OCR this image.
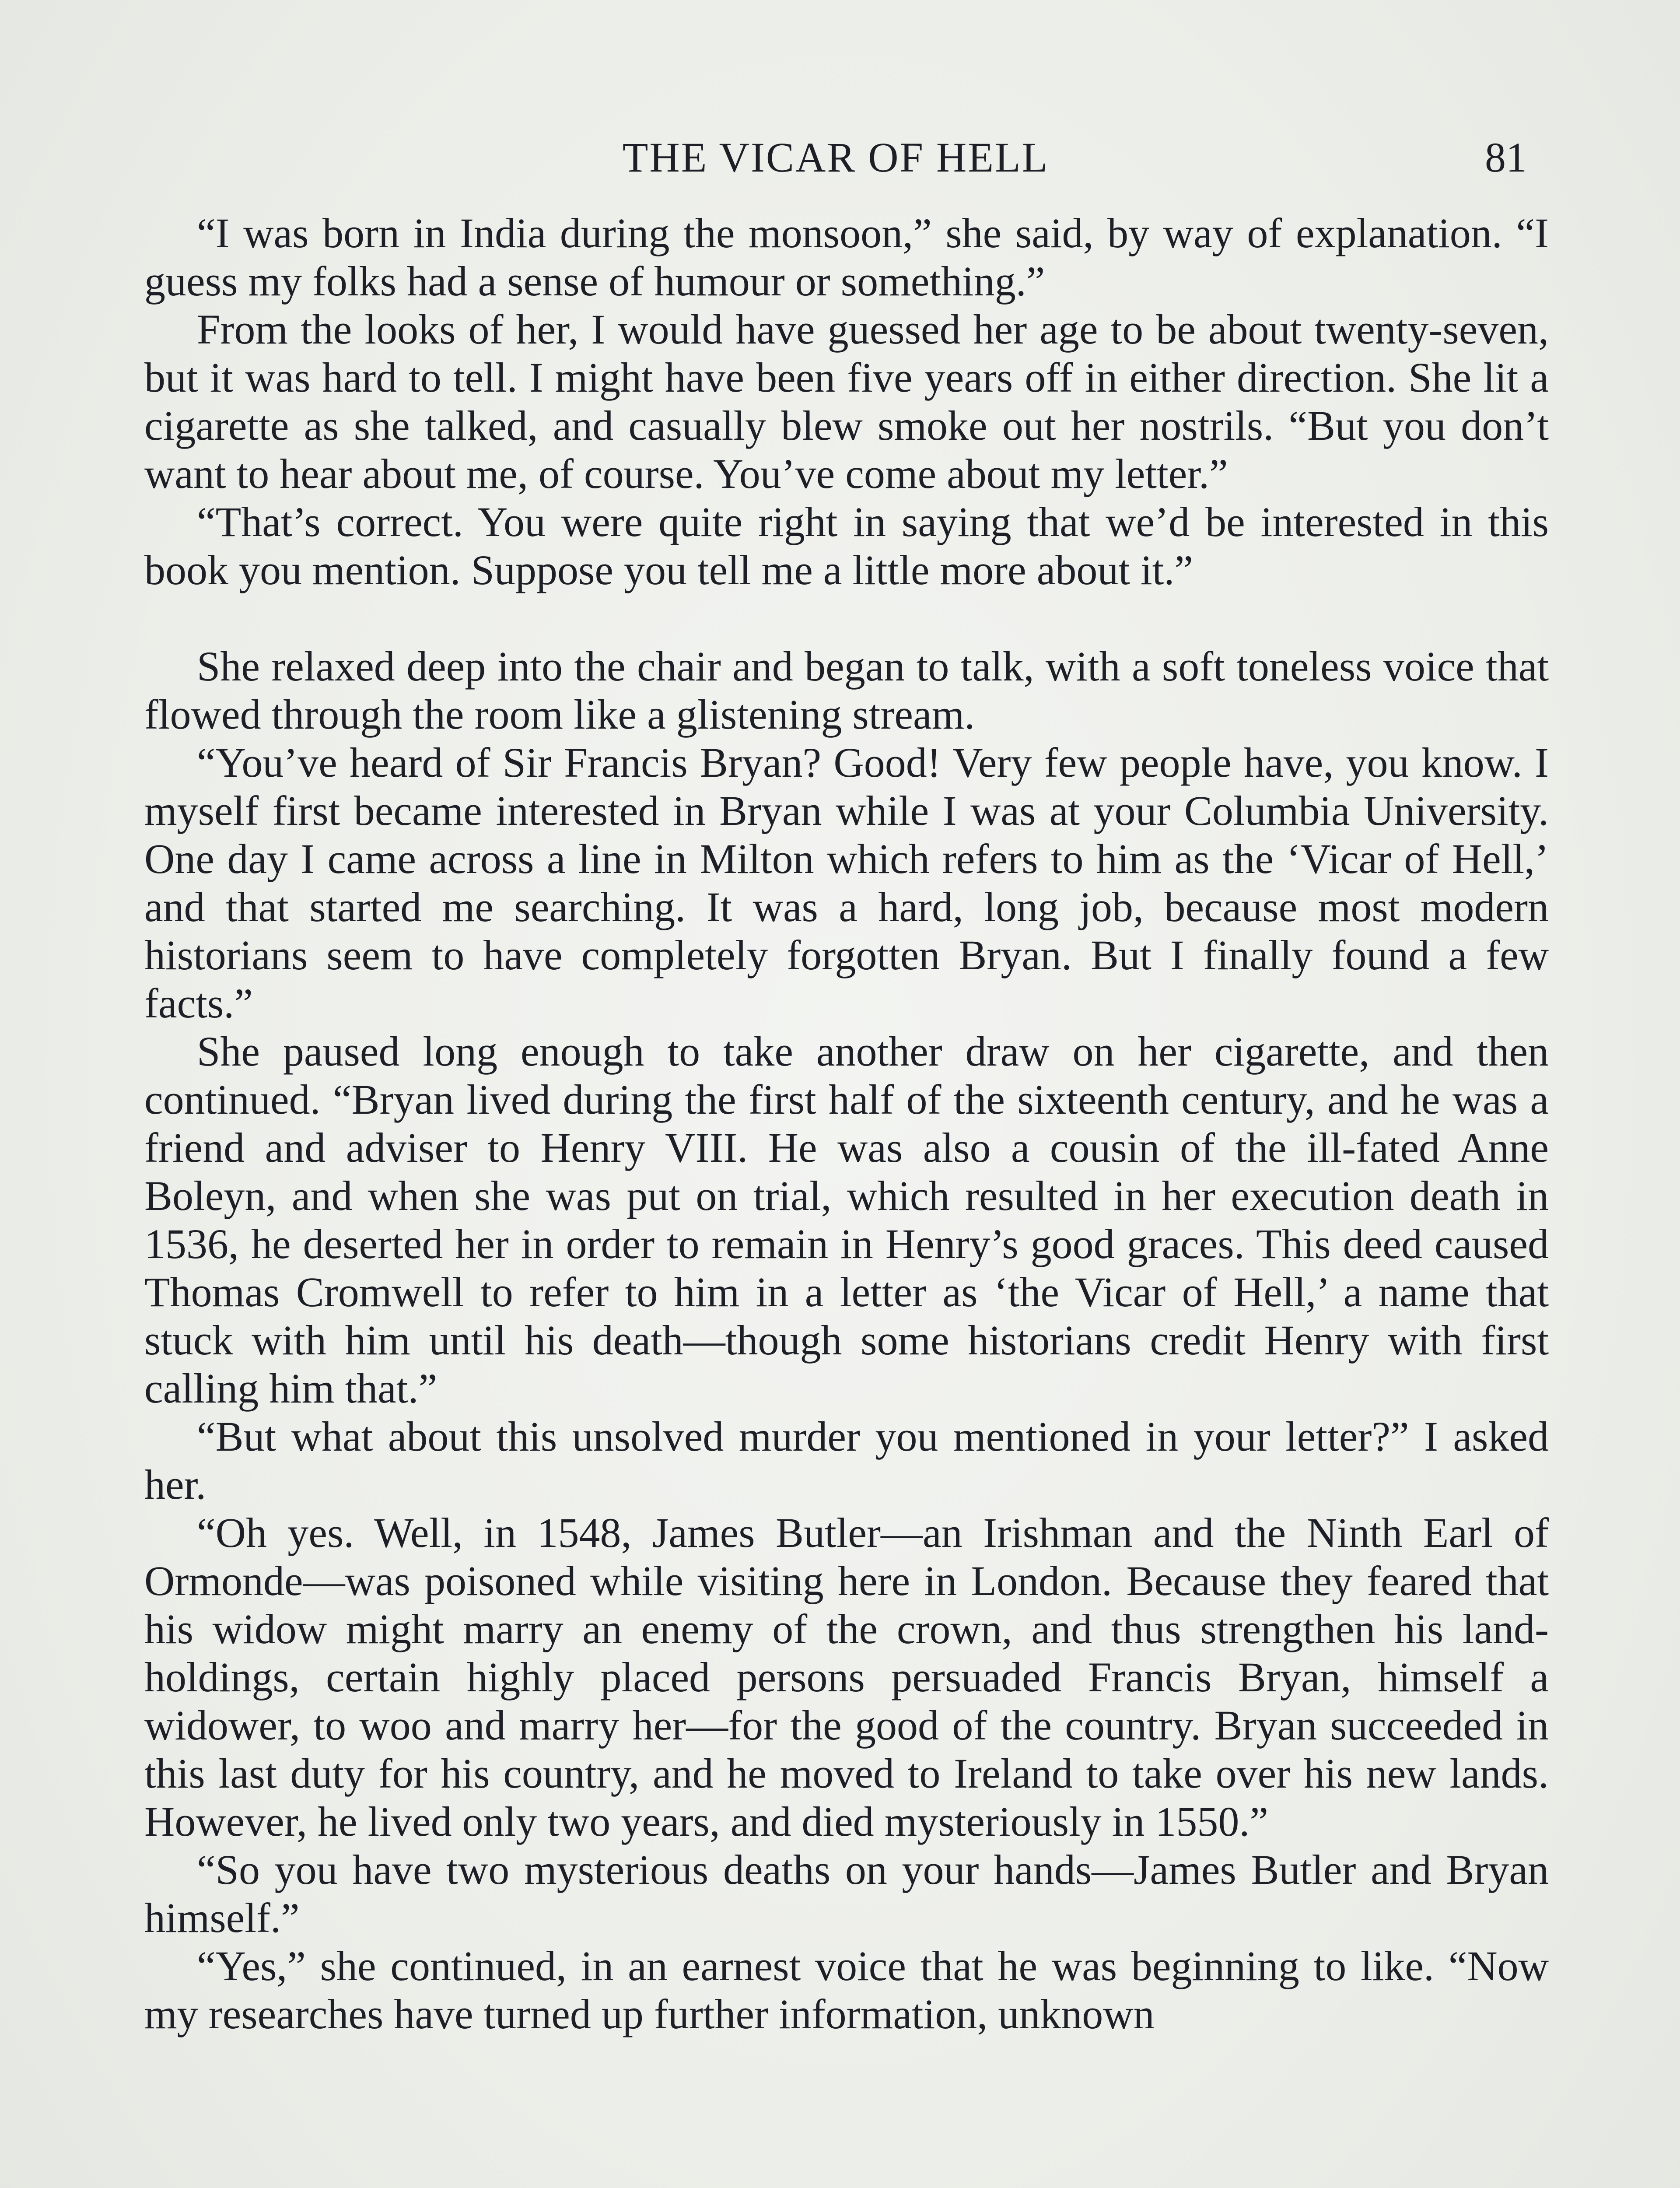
THE VICAR OF HELL	81

“I was born in India during the monsoon,” she said, by way of explanation. “I guess my folks had a sense of humour or something.”

From the looks of her, I would have guessed her age to be about twenty-seven, but it was hard to tell. I might have been five years off in either direction. She lit a cigarette as she talked, and casually blew smoke out her nostrils. “But you don’t want to hear about me, of course. You’ve come about my letter.”

“That’s correct. You were quite right in saying that we’d be interested in this book you mention. Suppose you tell me a little more about it.”

She relaxed deep into the chair and began to talk, with a soft toneless voice that flowed through the room like a glistening stream.

“You’ve heard of Sir Francis Bryan? Good! Very few people have, you know. I myself first became interested in Bryan while I was at your Columbia University. One day I came across a line in Milton which refers to him as the ‘Vicar of Hell,’ and that started me searching. It was a hard, long job, because most modern historians seem to have completely forgotten Bryan. But I finally found a few facts.”

She paused long enough to take another draw on her cigarette, and then continued. “Bryan lived during the first half of the sixteenth century, and he was a friend and adviser to Henry VIII. He was also a cousin of the ill-fated Anne Boleyn, and when she was put on trial, which resulted in her execution death in 1536, he deserted her in order to remain in Henry’s good graces. This deed caused Thomas Cromwell to refer to him in a letter as ‘the Vicar of Hell,’ a name that stuck with him until his death—though some historians credit Henry with first calling him that.”

“But what about this unsolved murder you mentioned in your letter?” I asked her.

“Oh yes. Well, in 1548, James Butler—an Irishman and the Ninth Earl of Ormonde—was poisoned while visiting here in London. Because they feared that his widow might marry an enemy of the crown, and thus strengthen his land-holdings, certain highly placed persons persuaded Francis Bryan, himself a widower, to woo and marry her—for the good of the country. Bryan succeeded in this last duty for his country, and he moved to Ireland to take over his new lands. However, he lived only two years, and died mysteriously in 1550.”

“So you have two mysterious deaths on your hands—James Butler and Bryan himself.”

“Yes,” she continued, in an earnest voice that he was beginning to like. “Now my researches have turned up further information, unknown
